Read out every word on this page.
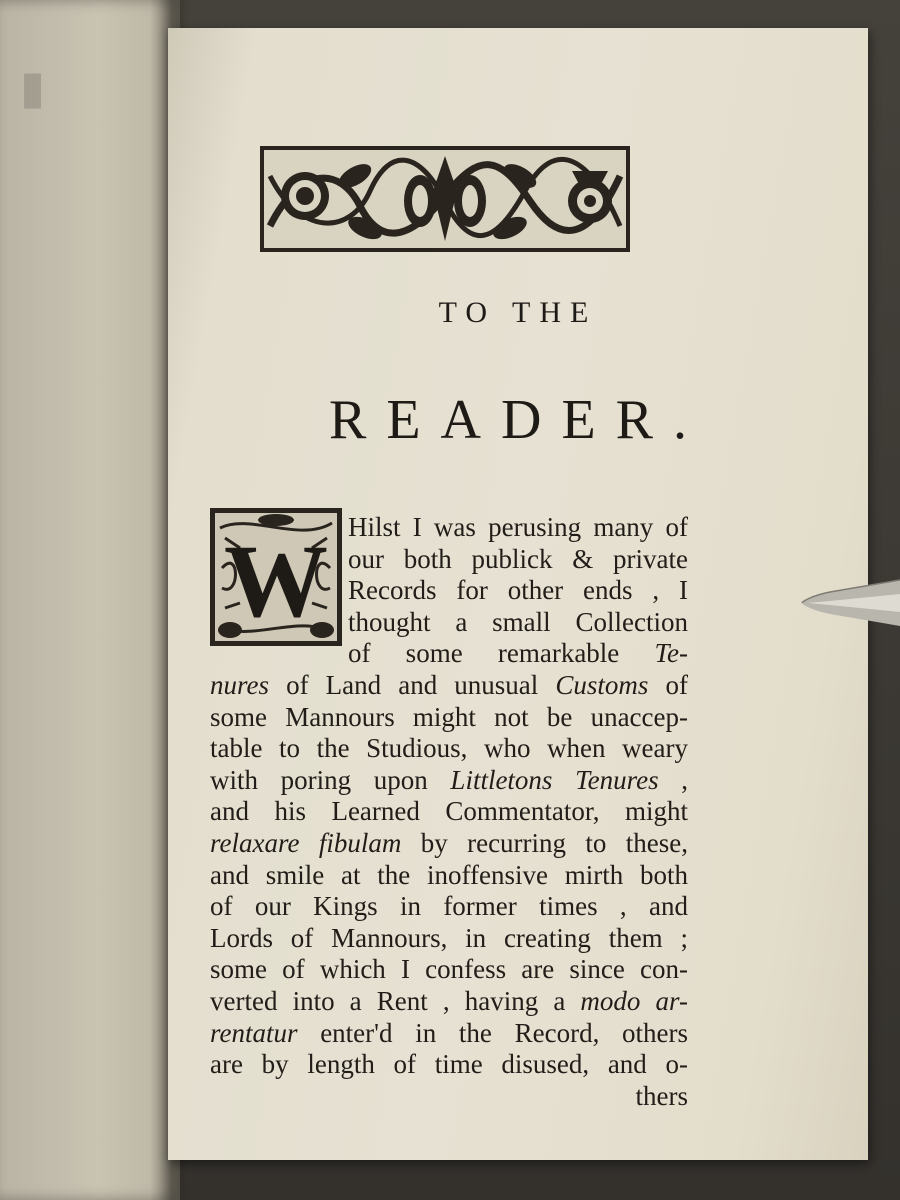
▮
TO THE
READER.
W Hilst I was perusing many of
our both publick & private
Records for other ends , I
thought a small Collection
of some remarkable Te-
nures of Land and unusual Customs of
some Mannours might not be unaccep-
table to the Studious, who when weary
with poring upon Littletons Tenures ,
and his Learned Commentator, might
relaxare fibulam by recurring to these,
and smile at the inoffensive mirth both
of our Kings in former times , and
Lords of Mannours, in creating them ;
some of which I confess are since con-
verted into a Rent , having a modo ar-
rentatur enter'd in the Record, others
are by length of time disused, and o-
thers
